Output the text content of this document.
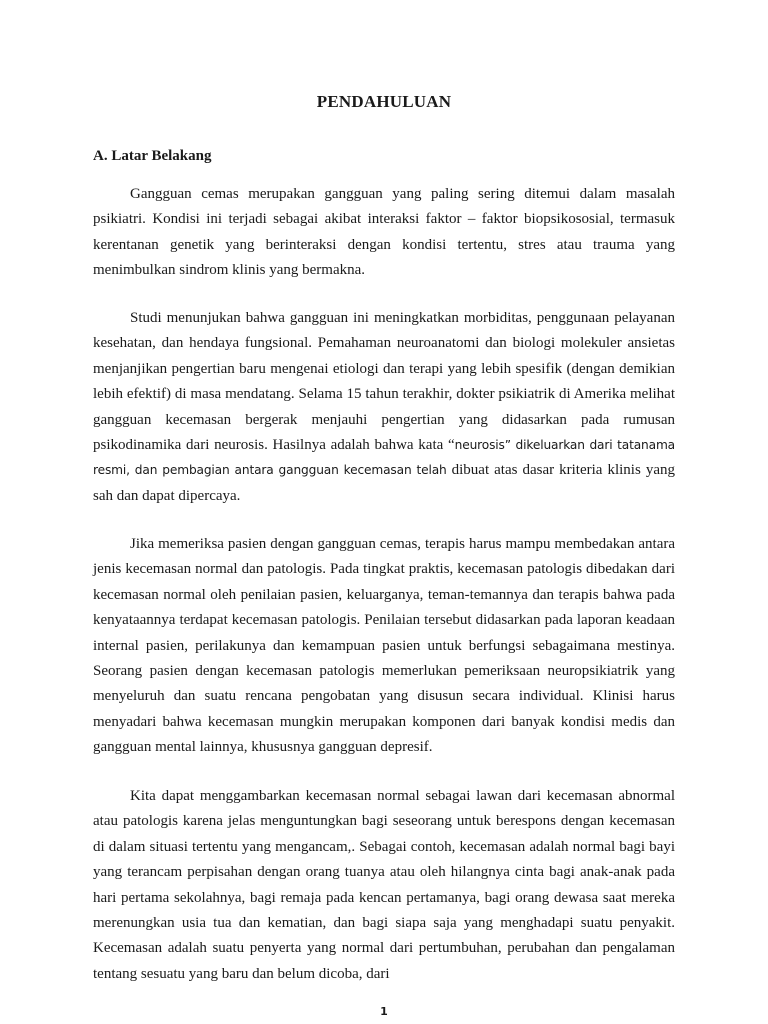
PENDAHULUAN
A. Latar Belakang

Gangguan cemas merupakan gangguan yang paling sering ditemui dalam masalah psikiatri. Kondisi ini terjadi sebagai akibat interaksi faktor – faktor biopsikososial, termasuk kerentanan genetik yang berinteraksi dengan kondisi tertentu, stres atau trauma yang menimbulkan sindrom klinis yang bermakna.

Studi menunjukan bahwa gangguan ini meningkatkan morbiditas, penggunaan pelayanan kesehatan, dan hendaya fungsional. Pemahaman neuroanatomi dan biologi molekuler ansietas menjanjikan pengertian baru mengenai etiologi dan terapi yang lebih spesifik (dengan demikian lebih efektif) di masa mendatang. Selama 15 tahun terakhir, dokter psikiatrik di Amerika melihat gangguan kecemasan bergerak menjauhi pengertian yang didasarkan pada rumusan psikodinamika dari neurosis. Hasilnya adalah bahwa kata “neurosis” dikeluarkan dari tatanama resmi, dan pembagian antara gangguan kecemasan telah dibuat atas dasar kriteria klinis yang sah dan dapat dipercaya.

Jika memeriksa pasien dengan gangguan cemas, terapis harus mampu membedakan antara jenis kecemasan normal dan patologis. Pada tingkat praktis, kecemasan patologis dibedakan dari kecemasan normal oleh penilaian pasien, keluarganya, teman-temannya dan terapis bahwa pada kenyataannya terdapat kecemasan patologis. Penilaian tersebut didasarkan pada laporan keadaan internal pasien, perilakunya dan kemampuan pasien untuk berfungsi sebagaimana mestinya. Seorang pasien dengan kecemasan patologis memerlukan pemeriksaan neuropsikiatrik yang menyeluruh dan suatu rencana pengobatan yang disusun secara individual. Klinisi harus menyadari bahwa kecemasan mungkin merupakan komponen dari banyak kondisi medis dan gangguan mental lainnya, khususnya gangguan depresif.

Kita dapat menggambarkan kecemasan normal sebagai lawan dari kecemasan abnormal atau patologis karena jelas menguntungkan bagi seseorang untuk berespons dengan kecemasan di dalam situasi tertentu yang mengancam,. Sebagai contoh, kecemasan adalah normal bagi bayi yang terancam perpisahan dengan orang tuanya atau oleh hilangnya cinta bagi anak-anak pada hari pertama sekolahnya, bagi remaja pada kencan pertamanya, bagi orang dewasa saat mereka merenungkan usia tua dan kematian, dan bagi siapa saja yang menghadapi suatu penyakit. Kecemasan adalah suatu penyerta yang normal dari pertumbuhan, perubahan dan pengalaman tentang sesuatu yang baru dan belum dicoba, dari

1
